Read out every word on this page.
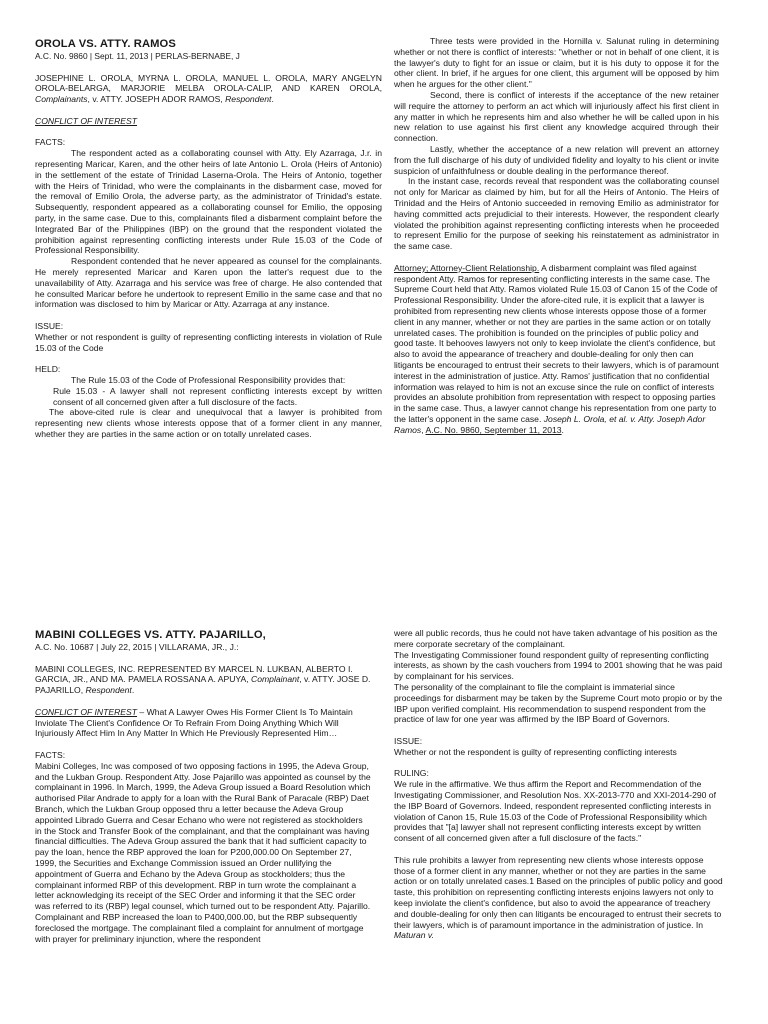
OROLA VS. ATTY. RAMOS

A.C. No. 9860 | Sept. 11, 2013 | PERLAS-BERNABE, J

JOSEPHINE L. OROLA, MYRNA L. OROLA, MANUEL L. OROLA, MARY ANGELYN OROLA-BELARGA, MARJORIE MELBA OROLA-CALIP, AND KAREN OROLA, Complainants, v. ATTY. JOSEPH ADOR RAMOS, Respondent.

CONFLICT OF INTEREST

FACTS:

The respondent acted as a collaborating counsel with Atty. Ely Azarraga, J.r. in representing Maricar, Karen, and the other heirs of late Antonio L. Orola (Heirs of Antonio) in the settlement of the estate of Trinidad Laserna-Orola. The Heirs of Antonio, together with the Heirs of Trinidad, who were the complainants in the disbarment case, moved for the removal of Emilio Orola, the adverse party, as the administrator of Trinidad's estate. Subsequently, respondent appeared as a collaborating counsel for Emilio, the opposing party, in the same case. Due to this, complainants filed a disbarment complaint before the Integrated Bar of the Philippines (IBP) on the ground that the respondent violated the prohibition against representing conflicting interests under Rule 15.03 of the Code of Professional Responsibility.

Respondent contended that he never appeared as counsel for the complainants. He merely represented Maricar and Karen upon the latter's request due to the unavailability of Atty. Azarraga and his service was free of charge. He also contended that he consulted Maricar before he undertook to represent Emilio in the same case and that no information was disclosed to him by Maricar or Atty. Azarraga at any instance.

ISSUE:

Whether or not respondent is guilty of representing conflicting interests in violation of Rule 15.03 of the Code

HELD:

The Rule 15.03 of the Code of Professional Responsibility provides that:

Rule 15.03 - A lawyer shall not represent conflicting interests except by written consent of all concerned given after a full disclosure of the facts.

The above-cited rule is clear and unequivocal that a lawyer is prohibited from representing new clients whose interests oppose that of a former client in any manner, whether they are parties in the same action or on totally unrelated cases.

Three tests were provided in the Hornilla v. Salunat ruling in determining whether or not there is conflict of interests: "whether or not in behalf of one client, it is the lawyer's duty to fight for an issue or claim, but it is his duty to oppose it for the other client. In brief, if he argues for one client, this argument will be opposed by him when he argues for the other client."

Second, there is conflict of interests if the acceptance of the new retainer will require the attorney to perform an act which will injuriously affect his first client in any matter in which he represents him and also whether he will be called upon in his new relation to use against his first client any knowledge acquired through their connection.

Lastly, whether the acceptance of a new relation will prevent an attorney from the full discharge of his duty of undivided fidelity and loyalty to his client or invite suspicion of unfaithfulness or double dealing in the performance thereof.

In the instant case, records reveal that respondent was the collaborating counsel not only for Maricar as claimed by him, but for all the Heirs of Antonio. The Heirs of Trinidad and the Heirs of Antonio succeeded in removing Emilio as administrator for having committed acts prejudicial to their interests. However, the respondent clearly violated the prohibition against representing conflicting interests when he proceeded to represent Emilio for the purpose of seeking his reinstatement as administrator in the same case.

Attorney; Attorney-Client Relationship. A disbarment complaint was filed against respondent Atty. Ramos for representing conflicting interests in the same case. The Supreme Court held that Atty. Ramos violated Rule 15.03 of Canon 15 of the Code of Professional Responsibility. Under the afore-cited rule, it is explicit that a lawyer is prohibited from representing new clients whose interests oppose those of a former client in any manner, whether or not they are parties in the same action or on totally unrelated cases. The prohibition is founded on the principles of public policy and good taste. It behooves lawyers not only to keep inviolate the client's confidence, but also to avoid the appearance of treachery and double-dealing for only then can litigants be encouraged to entrust their secrets to their lawyers, which is of paramount interest in the administration of justice. Atty. Ramos' justification that no confidential information was relayed to him is not an excuse since the rule on conflict of interests provides an absolute prohibition from representation with respect to opposing parties in the same case. Thus, a lawyer cannot change his representation from one party to the latter's opponent in the same case. Joseph L. Orola, et al. v. Atty. Joseph Ador Ramos, A.C. No. 9860, September 11, 2013.

MABINI COLLEGES VS. ATTY. PAJARILLO,

A.C. No. 10687 | July 22, 2015 | VILLARAMA, JR., J.:

MABINI COLLEGES, INC. REPRESENTED BY MARCEL N. LUKBAN, ALBERTO I. GARCIA, JR., AND MA. PAMELA ROSSANA A. APUYA, Complainant, v. ATTY. JOSE D. PAJARILLO, Respondent.

CONFLICT OF INTEREST – What A Lawyer Owes His Former Client Is To Maintain Inviolate The Client's Confidence Or To Refrain From Doing Anything Which Will Injuriously Affect Him In Any Matter In Which He Previously Represented Him…

FACTS:

Mabini Colleges, Inc was composed of two opposing factions in 1995, the Adeva Group, and the Lukban Group. Respondent Atty. Jose Pajarillo was appointed as counsel by the complainant in 1996. In March, 1999, the Adeva Group issued a Board Resolution which authorised Pilar Andrade to apply for a loan with the Rural Bank of Paracale (RBP) Daet Branch, which the Lukban Group opposed thru a letter because the Adeva Group appointed Librado Guerra and Cesar Echano who were not registered as stockholders in the Stock and Transfer Book of the complainant, and that the complainant was having financial difficulties. The Adeva Group assured the bank that it had sufficient capacity to pay the loan, hence the RBP approved the loan for P200,000.00 On September 27, 1999, the Securities and Exchange Commission issued an Order nullifying the appointment of Guerra and Echano by the Adeva Group as stockholders; thus the complainant informed RBP of this development. RBP in turn wrote the complainant a letter acknowledging its receipt of the SEC Order and informing it that the SEC order was referred to its (RBP) legal counsel, which turned out to be respondent Atty. Pajarillo. Complainant and RBP increased the loan to P400,000.00, but the RBP subsequently foreclosed the mortgage. The complainant filed a complaint for annulment of mortgage with prayer for preliminary injunction, where the respondent

were all public records, thus he could not have taken advantage of his position as the mere corporate secretary of the complainant.

The Investigating Commissioner found respondent guilty of representing conflicting interests, as shown by the cash vouchers from 1994 to 2001 showing that he was paid by complainant for his services.

The personality of the complainant to file the complaint is immaterial since proceedings for disbarment may be taken by the Supreme Court moto propio or by the IBP upon verified complaint. His recommendation to suspend respondent from the practice of law for one year was affirmed by the IBP Board of Governors.

ISSUE:

Whether or not the respondent is guilty of representing conflicting interests

RULING:

We rule in the affirmative. We thus affirm the Report and Recommendation of the Investigating Commissioner, and Resolution Nos. XX-2013-770 and XXI-2014-290 of the IBP Board of Governors. Indeed, respondent represented conflicting interests in violation of Canon 15, Rule 15.03 of the Code of Professional Responsibility which provides that "[a] lawyer shall not represent conflicting interests except by written consent of all concerned given after a full disclosure of the facts."

This rule prohibits a lawyer from representing new clients whose interests oppose those of a former client in any manner, whether or not they are parties in the same action or on totally unrelated cases.1 Based on the principles of public policy and good taste, this prohibition on representing conflicting interests enjoins lawyers not only to keep inviolate the client's confidence, but also to avoid the appearance of treachery and double-dealing for only then can litigants be encouraged to entrust their secrets to their lawyers, which is of paramount importance in the administration of justice. In Maturan v.
